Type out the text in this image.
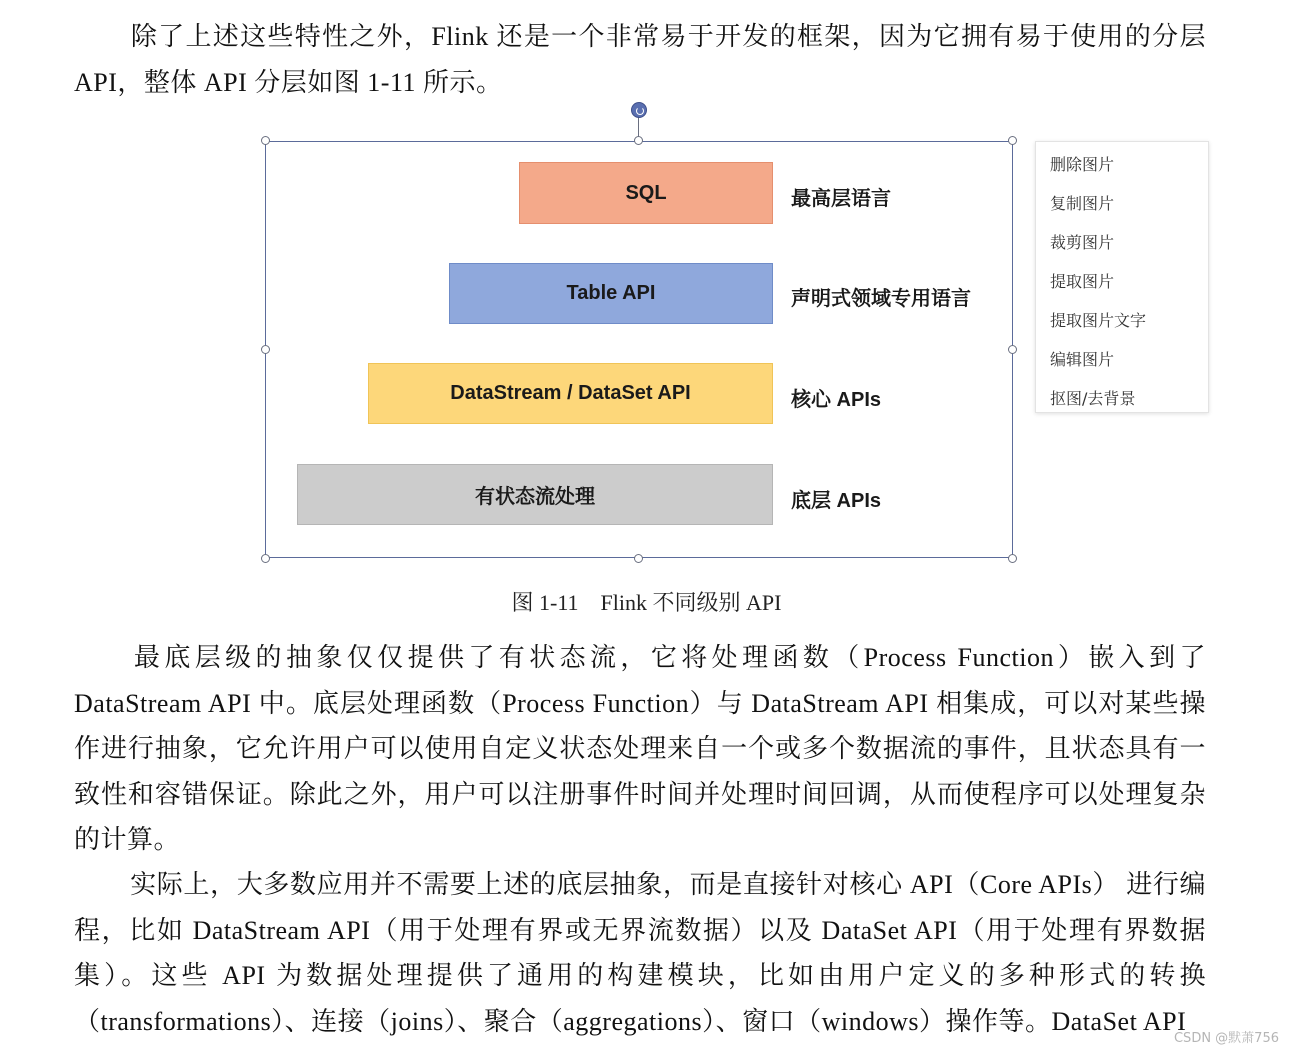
除了上述这些特性之外，Flink 还是一个非常易于开发的框架，因为它拥有易于使用的分层 API，整体 API 分层如图 1-11 所示。

SQL	最高层语言
Table API	声明式领域专用语言
DataStream / DataSet API	核心 APIs
有状态流处理	底层 APIs
图 1-11　Flink 不同级别 API
删除图片
复制图片
裁剪图片
提取图片
提取图片文字
编辑图片
抠图/去背景

最底层级的抽象仅仅提供了有状态流，它将处理函数（Process Function）嵌入到了 DataStream API 中。底层处理函数（Process Function）与 DataStream API 相集成，可以对某些操作进行抽象，它允许用户可以使用自定义状态处理来自一个或多个数据流的事件，且状态具有一致性和容错保证。除此之外，用户可以注册事件时间并处理时间回调，从而使程序可以处理复杂的计算。

实际上，大多数应用并不需要上述的底层抽象，而是直接针对核心 API（Core APIs） 进行编程，比如 DataStream API（用于处理有界或无界流数据）以及 DataSet API（用于处理有界数据集）。这些 API 为数据处理提供了通用的构建模块，比如由用户定义的多种形式的转换（transformations）、连接（joins）、聚合（aggregations）、窗口（windows）操作等。DataSet API

CSDN @默萧756
